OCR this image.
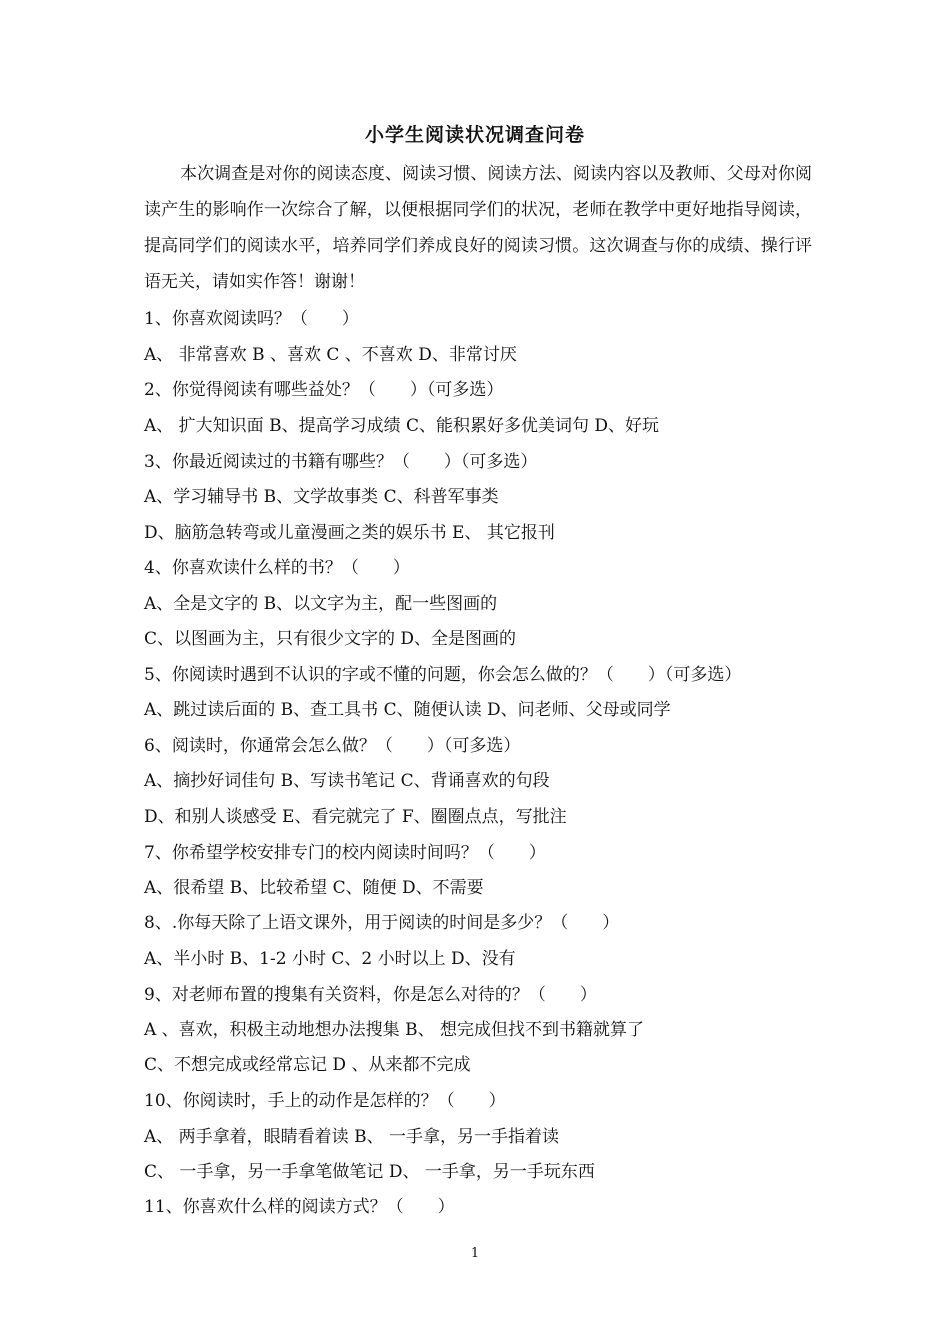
小学生阅读状况调查问卷
本次调查是对你的阅读态度、阅读习惯、阅读方法、阅读内容以及教师、父母对你阅读产生的影响作一次综合了解，以便根据同学们的状况，老师在教学中更好地指导阅读，提高同学们的阅读水平，培养同学们养成良好的阅读习惯。这次调查与你的成绩、操行评语无关，请如实作答！谢谢！
1、你喜欢阅读吗？（　　）
A、 非常喜欢 B 、喜欢 C 、不喜欢 D、非常讨厌
2、你觉得阅读有哪些益处？（　　）（可多选）
A、 扩大知识面 B、提高学习成绩 C、能积累好多优美词句 D、好玩
3、你最近阅读过的书籍有哪些？（　　）（可多选）
A、学习辅导书 B、文学故事类 C、科普军事类
D、脑筋急转弯或儿童漫画之类的娱乐书 E、 其它报刊
4、你喜欢读什么样的书？（　　）
A、全是文字的 B、以文字为主，配一些图画的
C、以图画为主，只有很少文字的 D、全是图画的
5、你阅读时遇到不认识的字或不懂的问题，你会怎么做的？（　　）（可多选）
A、跳过读后面的 B、查工具书 C、随便认读 D、问老师、父母或同学
6、阅读时，你通常会怎么做？（　　）（可多选）
A、摘抄好词佳句 B、写读书笔记 C、背诵喜欢的句段
D、和别人谈感受 E、看完就完了 F、圈圈点点，写批注
7、你希望学校安排专门的校内阅读时间吗？（　　）
A、很希望 B、比较希望 C、随便 D、不需要
8、.你每天除了上语文课外，用于阅读的时间是多少？（　　）
A、半小时 B、1-2 小时 C、2 小时以上 D、没有
9、对老师布置的搜集有关资料，你是怎么对待的？（　　）
A 、喜欢，积极主动地想办法搜集 B、 想完成但找不到书籍就算了
C、不想完成或经常忘记 D 、从来都不完成
10、你阅读时，手上的动作是怎样的？（　　）
A、 两手拿着，眼睛看着读 B、 一手拿，另一手指着读
C、 一手拿，另一手拿笔做笔记 D、 一手拿，另一手玩东西
11、你喜欢什么样的阅读方式？（　　）
1
